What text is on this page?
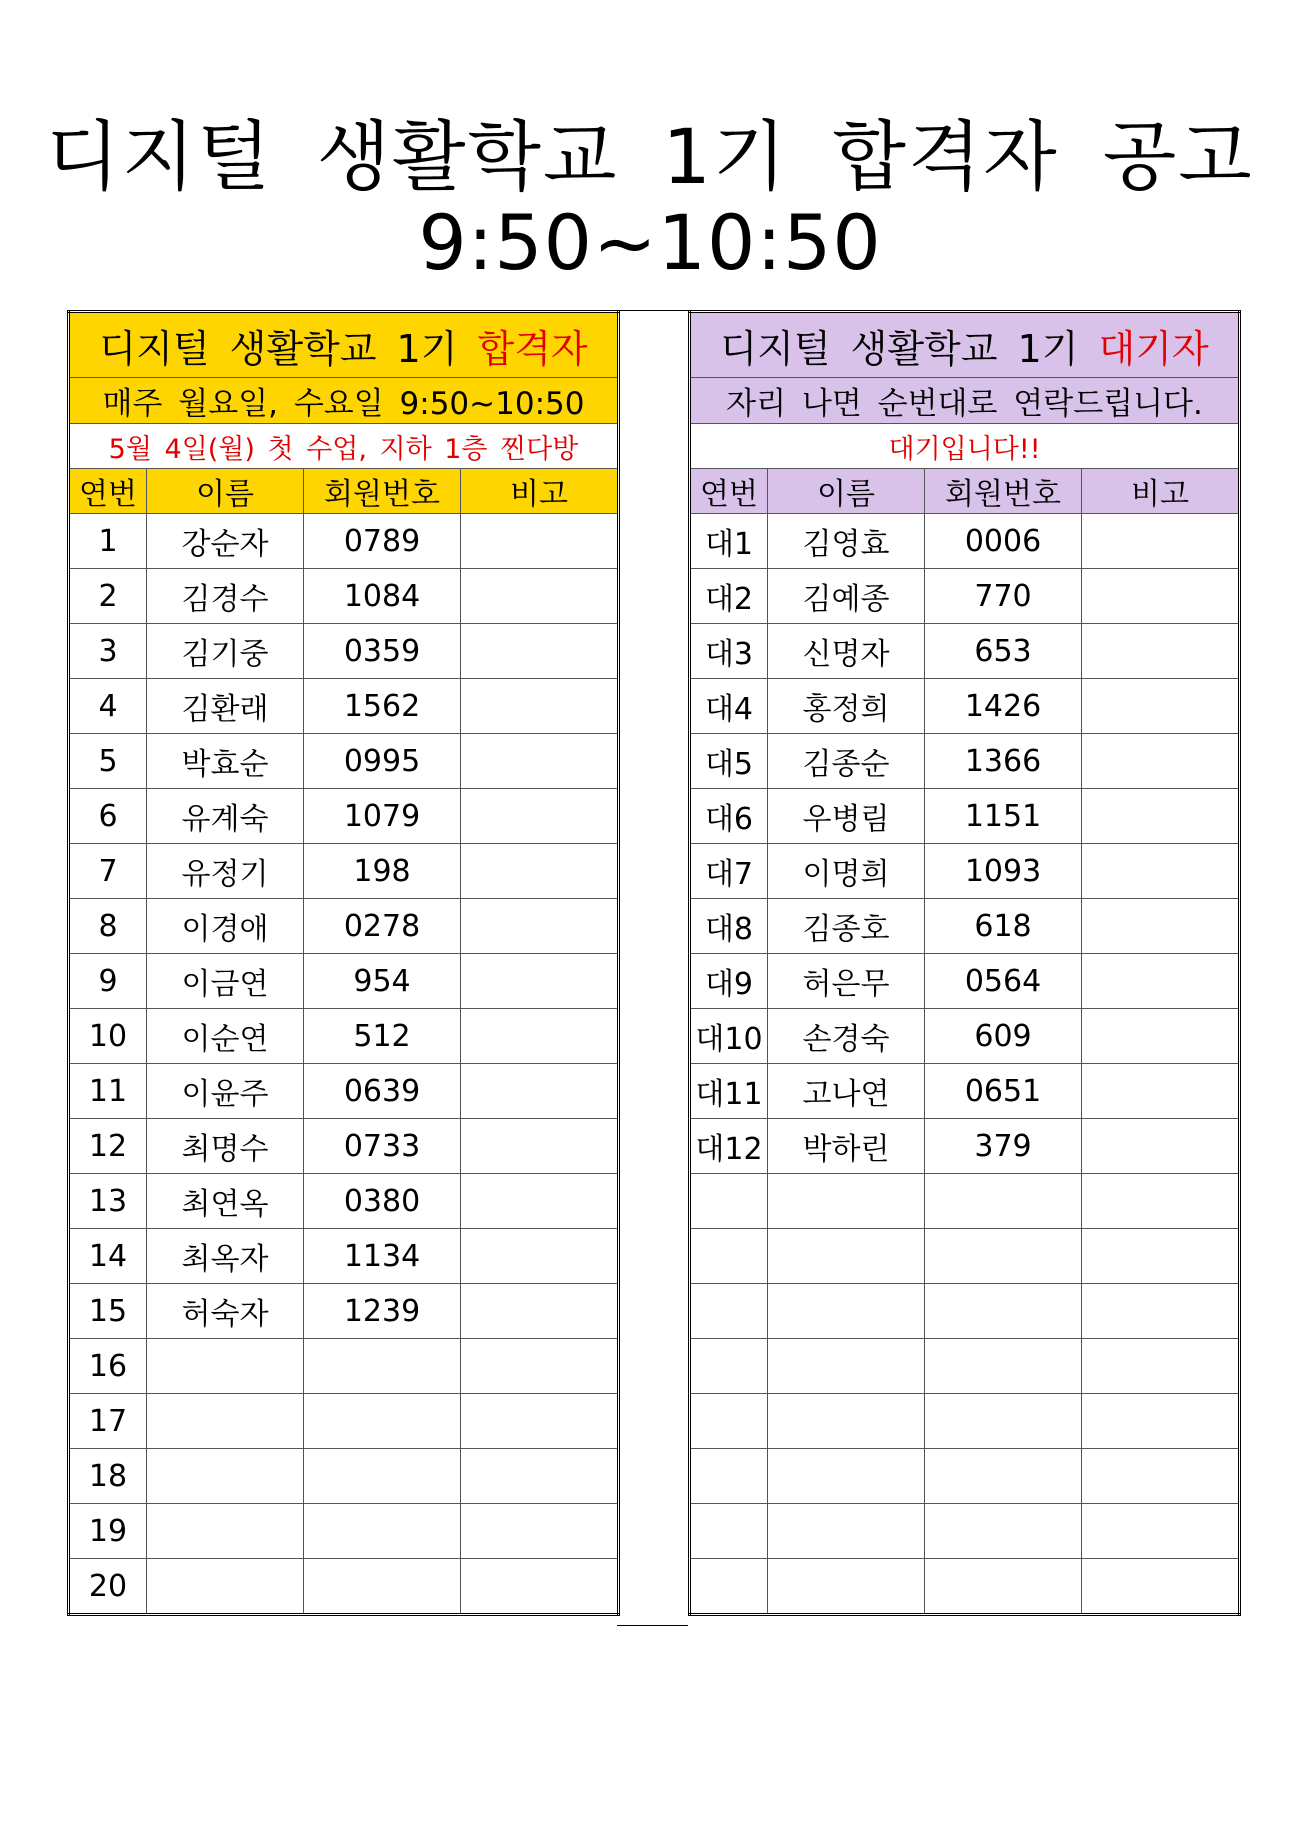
디지털 생활학교 1기 합격자 공고
9:50~10:50
디지털 생활학교 1기 합격자			
매주 월요일, 수요일 9:50~10:50			
5월 4일(월) 첫 수업, 지하 1층 찐다방			
연번	이름	회원번호	비고
1	강순자	0789	
2	김경수	1084	
3	김기중	0359	
4	김환래	1562	
5	박효순	0995	
6	유계숙	1079	
7	유정기	198	
8	이경애	0278	
9	이금연	954	
10	이순연	512	
11	이윤주	0639	
12	최명수	0733	
13	최연옥	0380	
14	최옥자	1134	
15	허숙자	1239	
16			
17			
18			
19			
20			
디지털 생활학교 1기 대기자			
자리 나면 순번대로 연락드립니다.			
대기입니다!!			
연번	이름	회원번호	비고
대1	김영효	0006	
대2	김예종	770	
대3	신명자	653	
대4	홍정희	1426	
대5	김종순	1366	
대6	우병림	1151	
대7	이명희	1093	
대8	김종호	618	
대9	허은무	0564	
대10	손경숙	609	
대11	고나연	0651	
대12	박하린	379	
